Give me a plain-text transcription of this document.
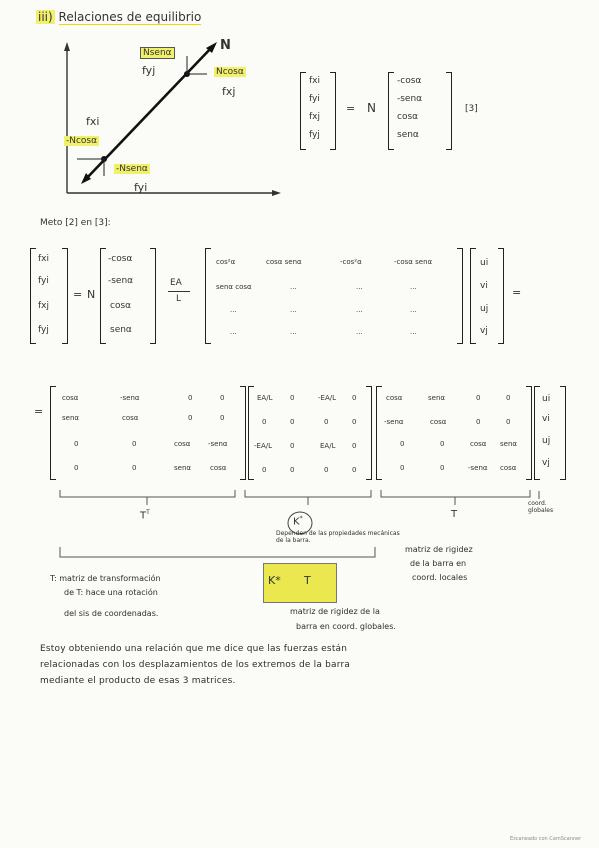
iii) Relaciones de equilibrio
N
Nsenα
fyj	Ncosα
fxj
fxi
-Ncosα
-Nsenα
fyi
fxi
fyi
fxj
fyj
= N
-cosα
-senα
cosα
senα
[3]
Meto [2] en [3]:
fxi
fyi
fxj
fyj
= N
-cosα
-senα
cosα
senα
EA
L
cos²α	cosα senα	-cos²α	-cosα senα
senα cosα	...	...	...
...	...	...	...
...	...	...	...
ui
vi
uj
vj
=
=
cosα	-senα	0	0
senα	cosα	0	0
0	0	cosα	-senα
0	0	senα	cosα
EA/L	0	-EA/L 0
0	0	0	0
-EA/L	0	EA/L 0
0	0	0	0
cosα	senα	0	0
-senα	cosα	0	0
0	0	cosα senα
0	0	-senα cosα
ui
vi
uj
vj
$T^T$
K*	T
coord. globales
Dependen de las propiedades mecánicas de la barra.
T: matriz de transformación
de T: hace una rotación
del sis de coordenadas.
K* T
matriz de rigidez
de la barra en
coord. locales
matriz de rigidez de la
barra en coord. globales.
Estoy obteniendo una relación que me dice que las fuerzas están
relacionadas con los desplazamientos de los extremos de la barra
mediante el producto de esas 3 matrices.
Escaneado con CamScanner
